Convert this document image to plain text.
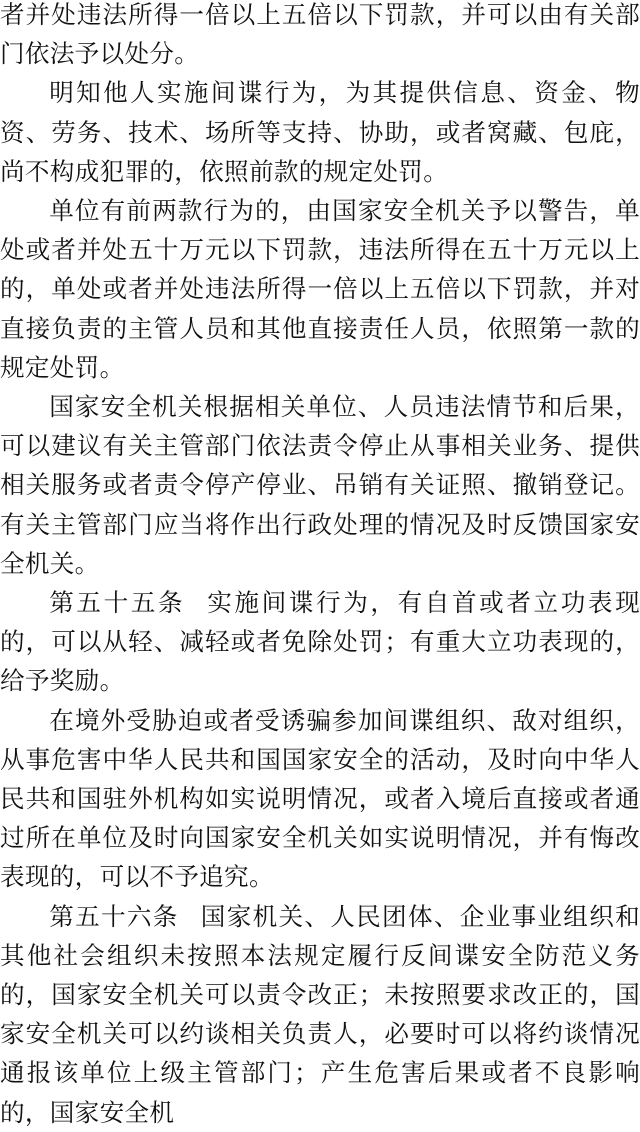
者并处违法所得一倍以上五倍以下罚款，并可以由有关部门依法予以处分。

明知他人实施间谍行为，为其提供信息、资金、物资、劳务、技术、场所等支持、协助，或者窝藏、包庇，尚不构成犯罪的，依照前款的规定处罚。

单位有前两款行为的，由国家安全机关予以警告，单处或者并处五十万元以下罚款，违法所得在五十万元以上的，单处或者并处违法所得一倍以上五倍以下罚款，并对直接负责的主管人员和其他直接责任人员，依照第一款的规定处罚。

国家安全机关根据相关单位、人员违法情节和后果，可以建议有关主管部门依法责令停止从事相关业务、提供相关服务或者责令停产停业、吊销有关证照、撤销登记。有关主管部门应当将作出行政处理的情况及时反馈国家安全机关。

第五十五条 实施间谍行为，有自首或者立功表现的，可以从轻、减轻或者免除处罚；有重大立功表现的，给予奖励。

在境外受胁迫或者受诱骗参加间谍组织、敌对组织，从事危害中华人民共和国国家安全的活动，及时向中华人民共和国驻外机构如实说明情况，或者入境后直接或者通过所在单位及时向国家安全机关如实说明情况，并有悔改表现的，可以不予追究。

第五十六条 国家机关、人民团体、企业事业组织和其他社会组织未按照本法规定履行反间谍安全防范义务的，国家安全机关可以责令改正；未按照要求改正的，国家安全机关可以约谈相关负责人，必要时可以将约谈情况通报该单位上级主管部门；产生危害后果或者不良影响的，国家安全机
